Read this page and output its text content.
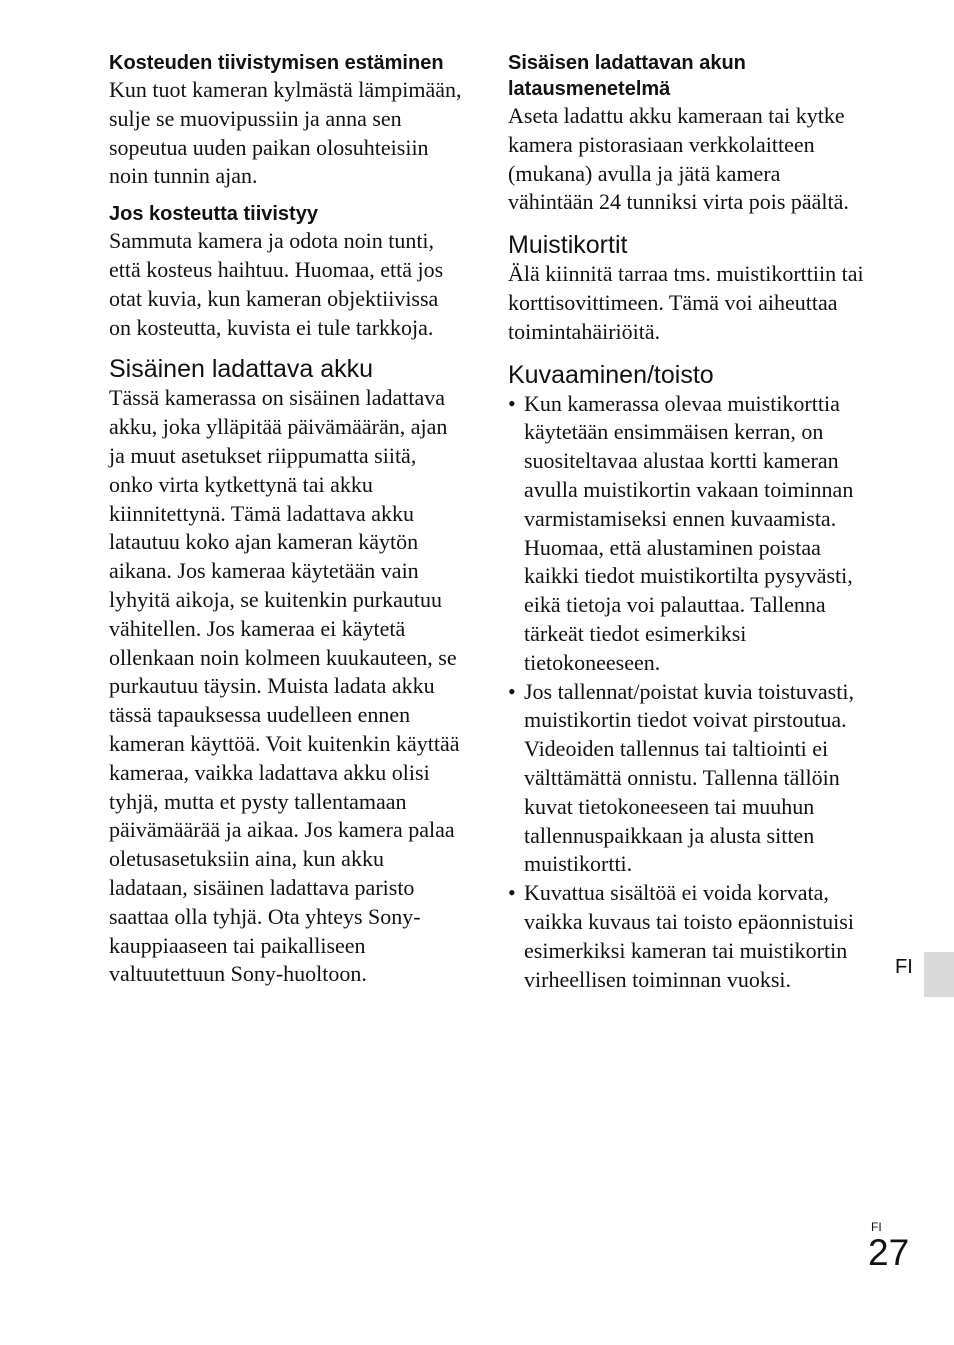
Kosteuden tiivistymisen estäminen

Kun tuot kameran kylmästä lämpimään, sulje se muovipussiin ja anna sen sopeutua uuden paikan olosuhteisiin noin tunnin ajan.

Jos kosteutta tiivistyy

Sammuta kamera ja odota noin tunti, että kosteus haihtuu. Huomaa, että jos otat kuvia, kun kameran objektiivissa on kosteutta, kuvista ei tule tarkkoja.

Sisäinen ladattava akku

Tässä kamerassa on sisäinen ladattava akku, joka ylläpitää päivämäärän, ajan ja muut asetukset riippumatta siitä, onko virta kytkettynä tai akku kiinnitettynä. Tämä ladattava akku latautuu koko ajan kameran käytön aikana. Jos kameraa käytetään vain lyhyitä aikoja, se kuitenkin purkautuu vähitellen. Jos kameraa ei käytetä ollenkaan noin kolmeen kuukauteen, se purkautuu täysin. Muista ladata akku tässä tapauksessa uudelleen ennen kameran käyttöä. Voit kuitenkin käyttää kameraa, vaikka ladattava akku olisi tyhjä, mutta et pysty tallentamaan päivämäärää ja aikaa. Jos kamera palaa oletusasetuksiin aina, kun akku ladataan, sisäinen ladattava paristo saattaa olla tyhjä. Ota yhteys Sony-kauppiaaseen tai paikalliseen valtuutettuun Sony-huoltoon.

Sisäisen ladattavan akun latausmenetelmä

Aseta ladattu akku kameraan tai kytke kamera pistorasiaan verkkolaitteen (mukana) avulla ja jätä kamera vähintään 24 tunniksi virta pois päältä.

Muistikortit

Älä kiinnitä tarraa tms. muistikorttiin tai korttisovittimeen. Tämä voi aiheuttaa toimintahäiriöitä.

Kuvaaminen/toisto
• Kun kamerassa olevaa muistikorttia käytetään ensimmäisen kerran, on suositeltavaa alustaa kortti kameran avulla muistikortin vakaan toiminnan varmistamiseksi ennen kuvaamista. Huomaa, että alustaminen poistaa kaikki tiedot muistikortilta pysyvästi, eikä tietoja voi palauttaa. Tallenna tärkeät tiedot esimerkiksi tietokoneeseen.
• Jos tallennat/poistat kuvia toistuvasti, muistikortin tiedot voivat pirstoutua. Videoiden tallennus tai taltiointi ei välttämättä onnistu. Tallenna tällöin kuvat tietokoneeseen tai muuhun tallennuspaikkaan ja alusta sitten muistikortti.
• Kuvattua sisältöä ei voida korvata, vaikka kuvaus tai toisto epäonnistuisi esimerkiksi kameran tai muistikortin virheellisen toiminnan vuoksi.	FI
FI
27
